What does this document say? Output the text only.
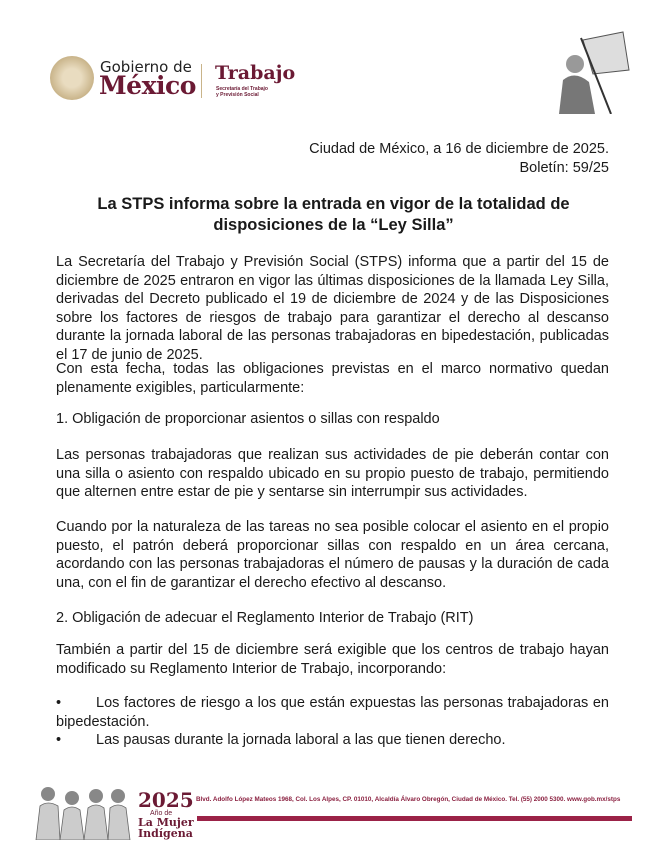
Gobierno de
México Trabajo
Secretaría del Trabajo
y Previsión Social
Ciudad de México, a 16 de diciembre de 2025.
Boletín: 59/25
La STPS informa sobre la entrada en vigor de la totalidad de disposiciones de la “Ley Silla”

La Secretaría del Trabajo y Previsión Social (STPS) informa que a partir del 15 de diciembre de 2025 entraron en vigor las últimas disposiciones de la llamada Ley Silla, derivadas del Decreto publicado el 19 de diciembre de 2024 y de las Disposiciones sobre los factores de riesgos de trabajo para garantizar el derecho al descanso durante la jornada laboral de las personas trabajadoras en bipedestación, publicadas el 17 de junio de 2025.

Con esta fecha, todas las obligaciones previstas en el marco normativo quedan plenamente exigibles, particularmente:

1. Obligación de proporcionar asientos o sillas con respaldo

Las personas trabajadoras que realizan sus actividades de pie deberán contar con una silla o asiento con respaldo ubicado en su propio puesto de trabajo, permitiendo que alternen entre estar de pie y sentarse sin interrumpir sus actividades.

Cuando por la naturaleza de las tareas no sea posible colocar el asiento en el propio puesto, el patrón deberá proporcionar sillas con respaldo en un área cercana, acordando con las personas trabajadoras el número de pausas y la duración de cada una, con el fin de garantizar el derecho efectivo al descanso.

2. Obligación de adecuar el Reglamento Interior de Trabajo (RIT)

También a partir del 15 de diciembre será exigible que los centros de trabajo hayan modificado su Reglamento Interior de Trabajo, incorporando:

• Los factores de riesgo a los que están expuestas las personas trabajadoras en bipedestación.
• Las pausas durante la jornada laboral a las que tienen derecho.
2025
Año de
La Mujer
Indígena
Blvd. Adolfo López Mateos 1968, Col. Los Alpes, CP. 01010, Alcaldía Álvaro Obregón, Ciudad de México. Tel. (55) 2000 5300. www.gob.mx/stps
